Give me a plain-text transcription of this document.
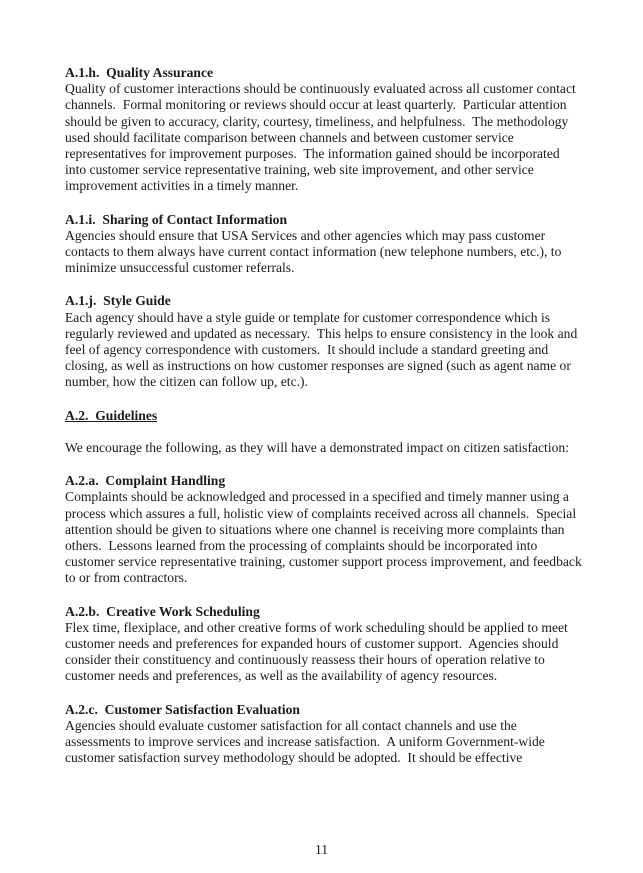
A.1.h.  Quality Assurance

Quality of customer interactions should be continuously evaluated across all customer contact channels.  Formal monitoring or reviews should occur at least quarterly.  Particular attention should be given to accuracy, clarity, courtesy, timeliness, and helpfulness.  The methodology used should facilitate comparison between channels and between customer service representatives for improvement purposes.  The information gained should be incorporated into customer service representative training, web site improvement, and other service improvement activities in a timely manner.

A.1.i.  Sharing of Contact Information

Agencies should ensure that USA Services and other agencies which may pass customer contacts to them always have current contact information (new telephone numbers, etc.), to minimize unsuccessful customer referrals.

A.1.j.  Style Guide

Each agency should have a style guide or template for customer correspondence which is regularly reviewed and updated as necessary.  This helps to ensure consistency in the look and feel of agency correspondence with customers.  It should include a standard greeting and closing, as well as instructions on how customer responses are signed (such as agent name or number, how the citizen can follow up, etc.).

A.2.  Guidelines

We encourage the following, as they will have a demonstrated impact on citizen satisfaction:

A.2.a.  Complaint Handling

Complaints should be acknowledged and processed in a specified and timely manner using a process which assures a full, holistic view of complaints received across all channels.  Special attention should be given to situations where one channel is receiving more complaints than others.  Lessons learned from the processing of complaints should be incorporated into customer service representative training, customer support process improvement, and feedback to or from contractors.

A.2.b.  Creative Work Scheduling

Flex time, flexiplace, and other creative forms of work scheduling should be applied to meet customer needs and preferences for expanded hours of customer support.  Agencies should consider their constituency and continuously reassess their hours of operation relative to customer needs and preferences, as well as the availability of agency resources.

A.2.c.  Customer Satisfaction Evaluation

Agencies should evaluate customer satisfaction for all contact channels and use the assessments to improve services and increase satisfaction.  A uniform Government-wide customer satisfaction survey methodology should be adopted.  It should be effective

11
